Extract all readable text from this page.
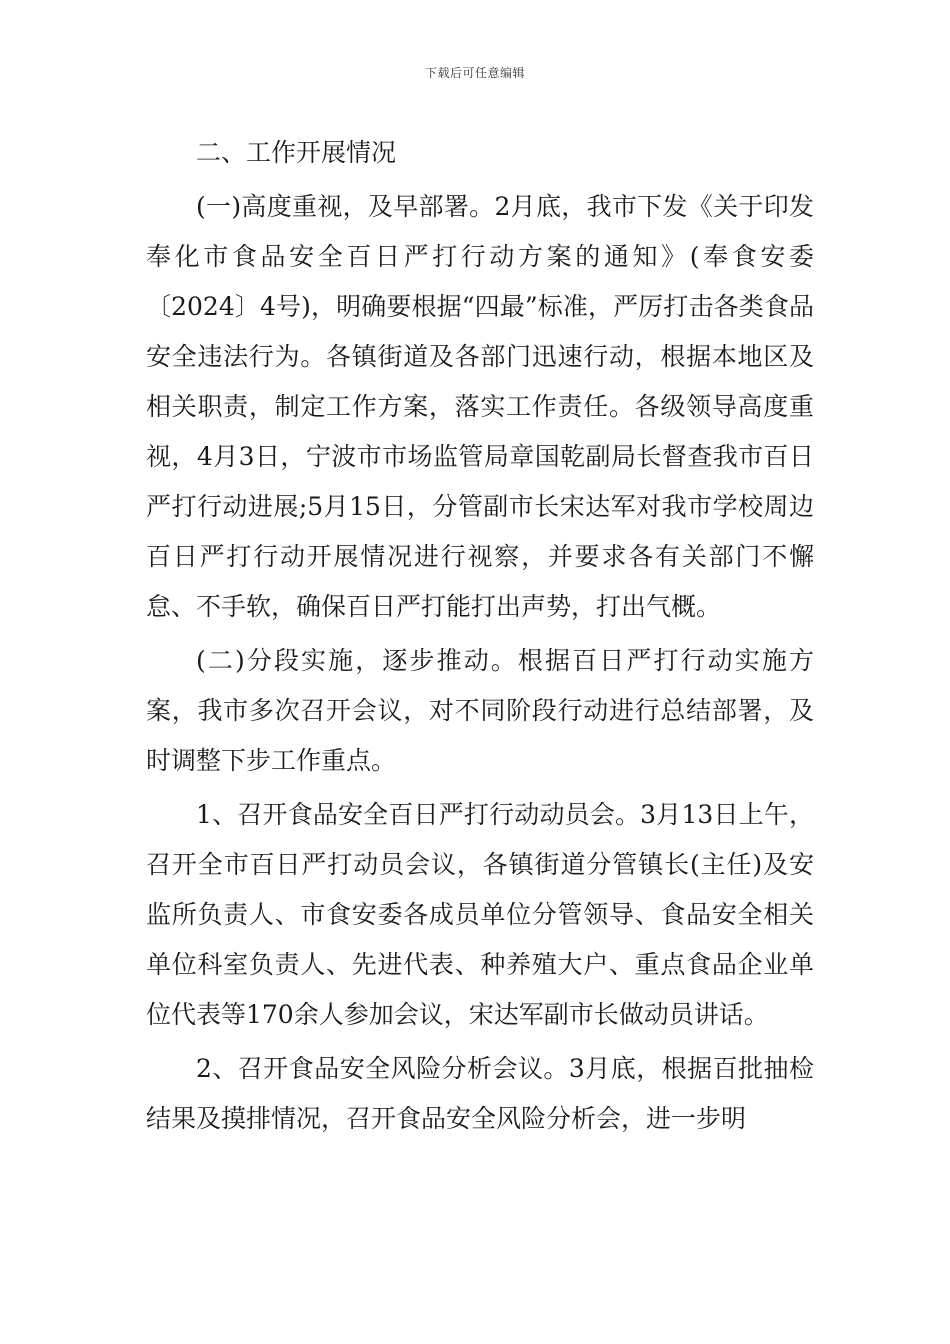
下载后可任意编辑

二、工作开展情况

(一)高度重视，及早部署。2月底，我市下发《关于印发奉化市食品安全百日严打行动方案的通知》(奉食安委〔2024〕4号)，明确要根据“四最”标准，严厉打击各类食品安全违法行为。各镇街道及各部门迅速行动，根据本地区及相关职责，制定工作方案，落实工作责任。各级领导高度重视，4月3日，宁波市市场监管局章国乾副局长督查我市百日严打行动进展;5月15日，分管副市长宋达军对我市学校周边百日严打行动开展情况进行视察，并要求各有关部门不懈怠、不手软，确保百日严打能打出声势，打出气概。

(二)分段实施，逐步推动。根据百日严打行动实施方案，我市多次召开会议，对不同阶段行动进行总结部署，及时调整下步工作重点。

1、召开食品安全百日严打行动动员会。3月13日上午，召开全市百日严打动员会议，各镇街道分管镇长(主任)及安监所负责人、市食安委各成员单位分管领导、食品安全相关单位科室负责人、先进代表、种养殖大户、重点食品企业单位代表等170余人参加会议，宋达军副市长做动员讲话。

2、召开食品安全风险分析会议。3月底，根据百批抽检结果及摸排情况，召开食品安全风险分析会，进一步明
